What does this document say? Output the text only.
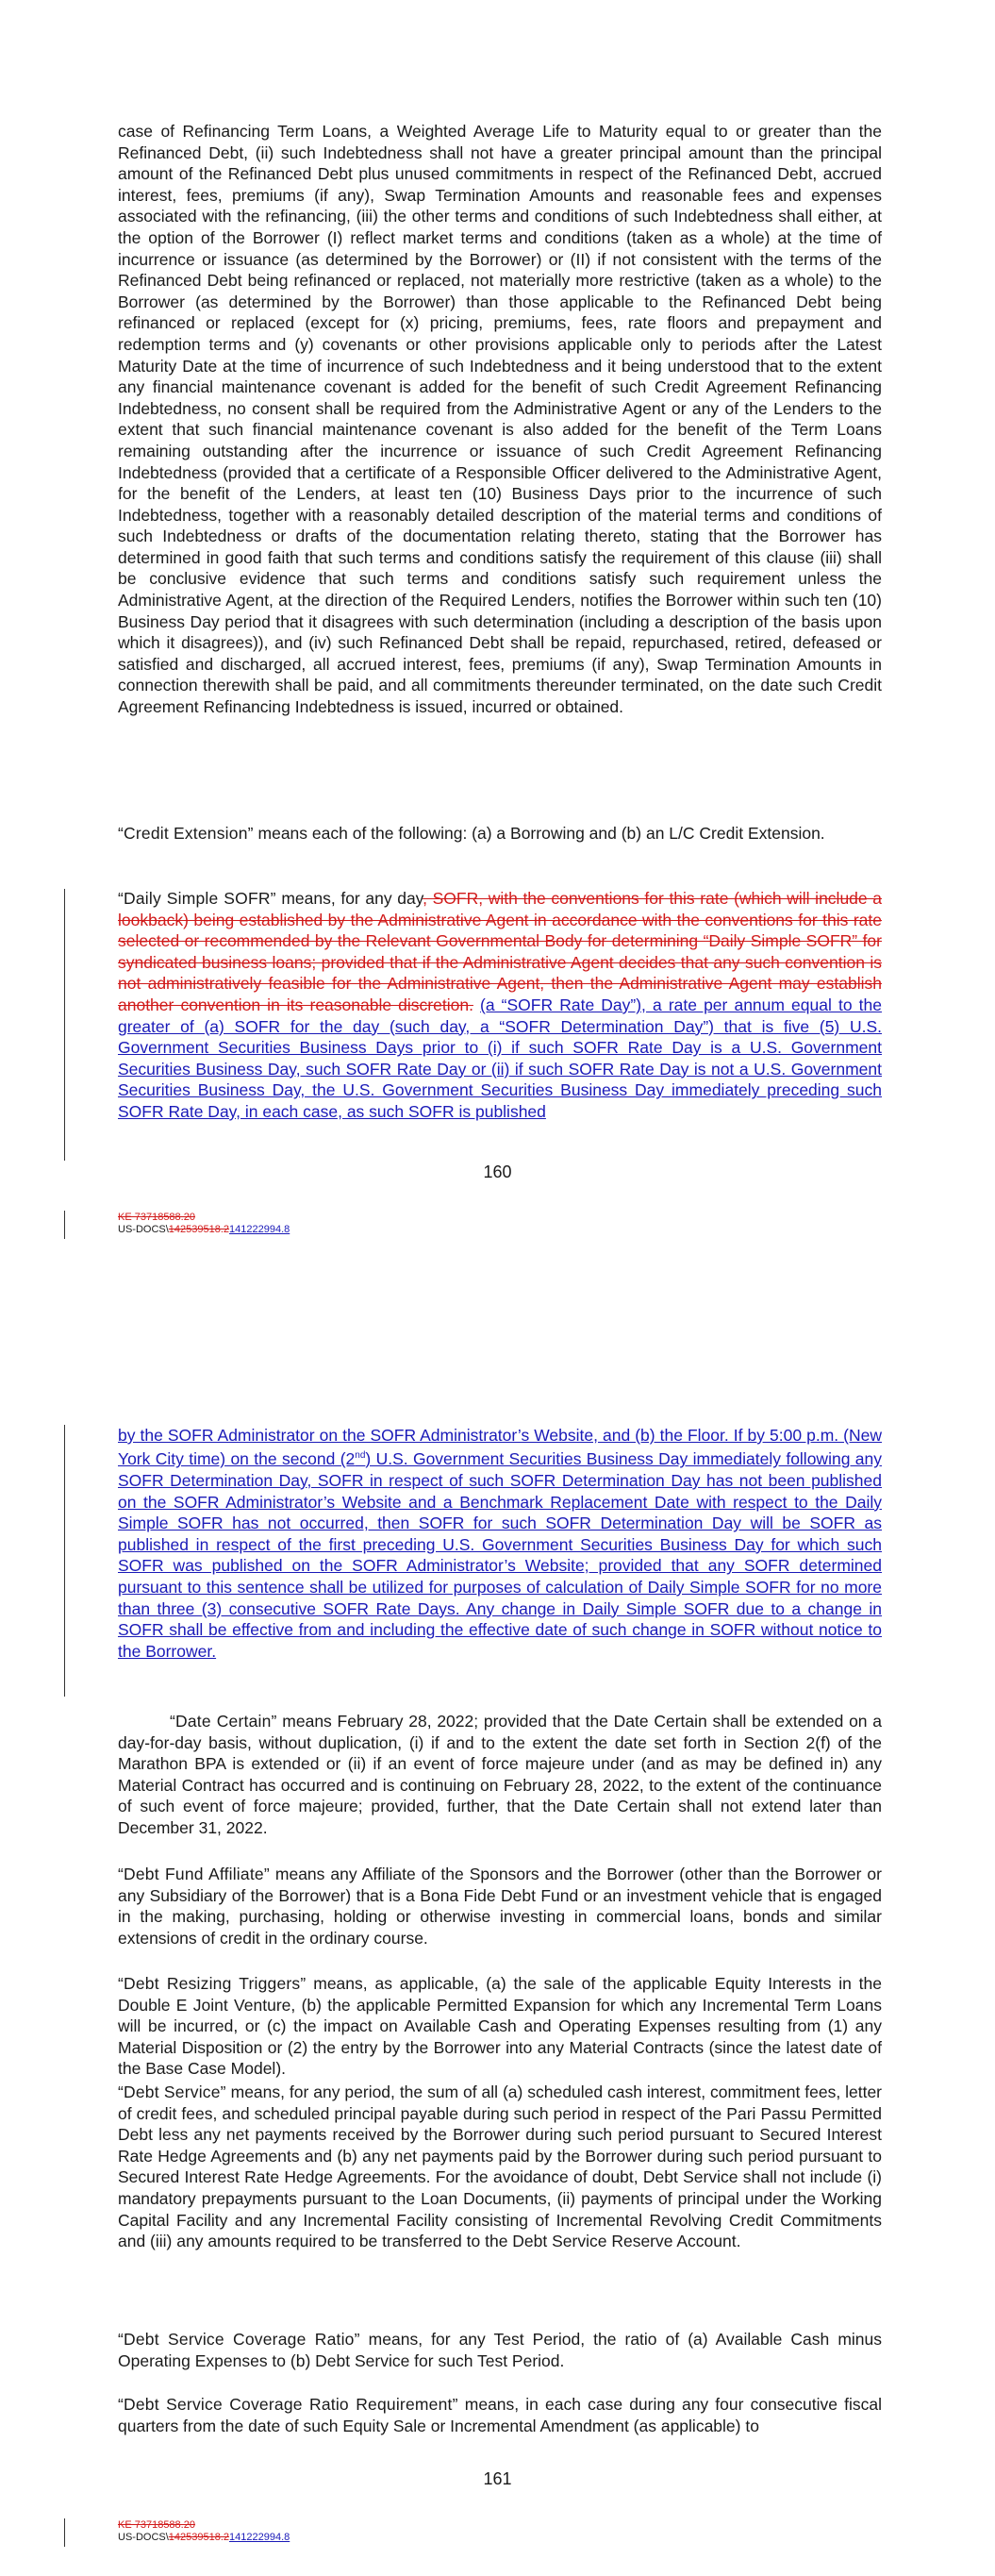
case of Refinancing Term Loans, a Weighted Average Life to Maturity equal to or greater than the Refinanced Debt, (ii) such Indebtedness shall not have a greater principal amount than the principal amount of the Refinanced Debt plus unused commitments in respect of the Refinanced Debt, accrued interest, fees, premiums (if any), Swap Termination Amounts and reasonable fees and expenses associated with the refinancing, (iii) the other terms and conditions of such Indebtedness shall either, at the option of the Borrower (I) reflect market terms and conditions (taken as a whole) at the time of incurrence or issuance (as determined by the Borrower) or (II) if not consistent with the terms of the Refinanced Debt being refinanced or replaced, not materially more restrictive (taken as a whole) to the Borrower (as determined by the Borrower) than those applicable to the Refinanced Debt being refinanced or replaced (except for (x) pricing, premiums, fees, rate floors and prepayment and redemption terms and (y) covenants or other provisions applicable only to periods after the Latest Maturity Date at the time of incurrence of such Indebtedness and it being understood that to the extent any financial maintenance covenant is added for the benefit of such Credit Agreement Refinancing Indebtedness, no consent shall be required from the Administrative Agent or any of the Lenders to the extent that such financial maintenance covenant is also added for the benefit of the Term Loans remaining outstanding after the incurrence or issuance of such Credit Agreement Refinancing Indebtedness (provided that a certificate of a Responsible Officer delivered to the Administrative Agent, for the benefit of the Lenders, at least ten (10) Business Days prior to the incurrence of such Indebtedness, together with a reasonably detailed description of the material terms and conditions of such Indebtedness or drafts of the documentation relating thereto, stating that the Borrower has determined in good faith that such terms and conditions satisfy the requirement of this clause (iii) shall be conclusive evidence that such terms and conditions satisfy such requirement unless the Administrative Agent, at the direction of the Required Lenders, notifies the Borrower within such ten (10) Business Day period that it disagrees with such determination (including a description of the basis upon which it disagrees)), and (iv) such Refinanced Debt shall be repaid, repurchased, retired, defeased or satisfied and discharged, all accrued interest, fees, premiums (if any), Swap Termination Amounts in connection therewith shall be paid, and all commitments thereunder terminated, on the date such Credit Agreement Refinancing Indebtedness is issued, incurred or obtained.

“Credit Extension” means each of the following: (a) a Borrowing and (b) an L/C Credit Extension.

“Daily Simple SOFR” means, for any day, SOFR, with the conventions for this rate (which will include a lookback) being established by the Administrative Agent in accordance with the conventions for this rate selected or recommended by the Relevant Governmental Body for determining “Daily Simple SOFR” for syndicated business loans; provided that if the Administrative Agent decides that any such convention is not administratively feasible for the Administrative Agent, then the Administrative Agent may establish another convention in its reasonable discretion. (a “SOFR Rate Day”), a rate per annum equal to the greater of (a) SOFR for the day (such day, a “SOFR Determination Day”) that is five (5) U.S. Government Securities Business Days prior to (i) if such SOFR Rate Day is a U.S. Government Securities Business Day, such SOFR Rate Day or (ii) if such SOFR Rate Day is not a U.S. Government Securities Business Day, the U.S. Government Securities Business Day immediately preceding such SOFR Rate Day, in each case, as such SOFR is published

160
KE 73718588.20
US-DOCS\142539518.2141222994.8

by the SOFR Administrator on the SOFR Administrator’s Website, and (b) the Floor. If by 5:00 p.m. (New York City time) on the second (2nd) U.S. Government Securities Business Day immediately following any SOFR Determination Day, SOFR in respect of such SOFR Determination Day has not been published on the SOFR Administrator’s Website and a Benchmark Replacement Date with respect to the Daily Simple SOFR has not occurred, then SOFR for such SOFR Determination Day will be SOFR as published in respect of the first preceding U.S. Government Securities Business Day for which such SOFR was published on the SOFR Administrator’s Website; provided that any SOFR determined pursuant to this sentence shall be utilized for purposes of calculation of Daily Simple SOFR for no more than three (3) consecutive SOFR Rate Days. Any change in Daily Simple SOFR due to a change in SOFR shall be effective from and including the effective date of such change in SOFR without notice to the Borrower.

“Date Certain” means February 28, 2022; provided that the Date Certain shall be extended on a day-for-day basis, without duplication, (i) if and to the extent the date set forth in Section 2(f) of the Marathon BPA is extended or (ii) if an event of force majeure under (and as may be defined in) any Material Contract has occurred and is continuing on February 28, 2022, to the extent of the continuance of such event of force majeure; provided, further, that the Date Certain shall not extend later than December 31, 2022.

“Debt Fund Affiliate” means any Affiliate of the Sponsors and the Borrower (other than the Borrower or any Subsidiary of the Borrower) that is a Bona Fide Debt Fund or an investment vehicle that is engaged in the making, purchasing, holding or otherwise investing in commercial loans, bonds and similar extensions of credit in the ordinary course.

“Debt Resizing Triggers” means, as applicable, (a) the sale of the applicable Equity Interests in the Double E Joint Venture, (b) the applicable Permitted Expansion for which any Incremental Term Loans will be incurred, or (c) the impact on Available Cash and Operating Expenses resulting from (1) any Material Disposition or (2) the entry by the Borrower into any Material Contracts (since the latest date of the Base Case Model).

“Debt Service” means, for any period, the sum of all (a) scheduled cash interest, commitment fees, letter of credit fees, and scheduled principal payable during such period in respect of the Pari Passu Permitted Debt less any net payments received by the Borrower during such period pursuant to Secured Interest Rate Hedge Agreements and (b) any net payments paid by the Borrower during such period pursuant to Secured Interest Rate Hedge Agreements. For the avoidance of doubt, Debt Service shall not include (i) mandatory prepayments pursuant to the Loan Documents, (ii) payments of principal under the Working Capital Facility and any Incremental Facility consisting of Incremental Revolving Credit Commitments and (iii) any amounts required to be transferred to the Debt Service Reserve Account.

“Debt Service Coverage Ratio” means, for any Test Period, the ratio of (a) Available Cash minus Operating Expenses to (b) Debt Service for such Test Period.

“Debt Service Coverage Ratio Requirement” means, in each case during any four consecutive fiscal quarters from the date of such Equity Sale or Incremental Amendment (as applicable) to

161
KE 73718588.20
US-DOCS\142539518.2141222994.8
